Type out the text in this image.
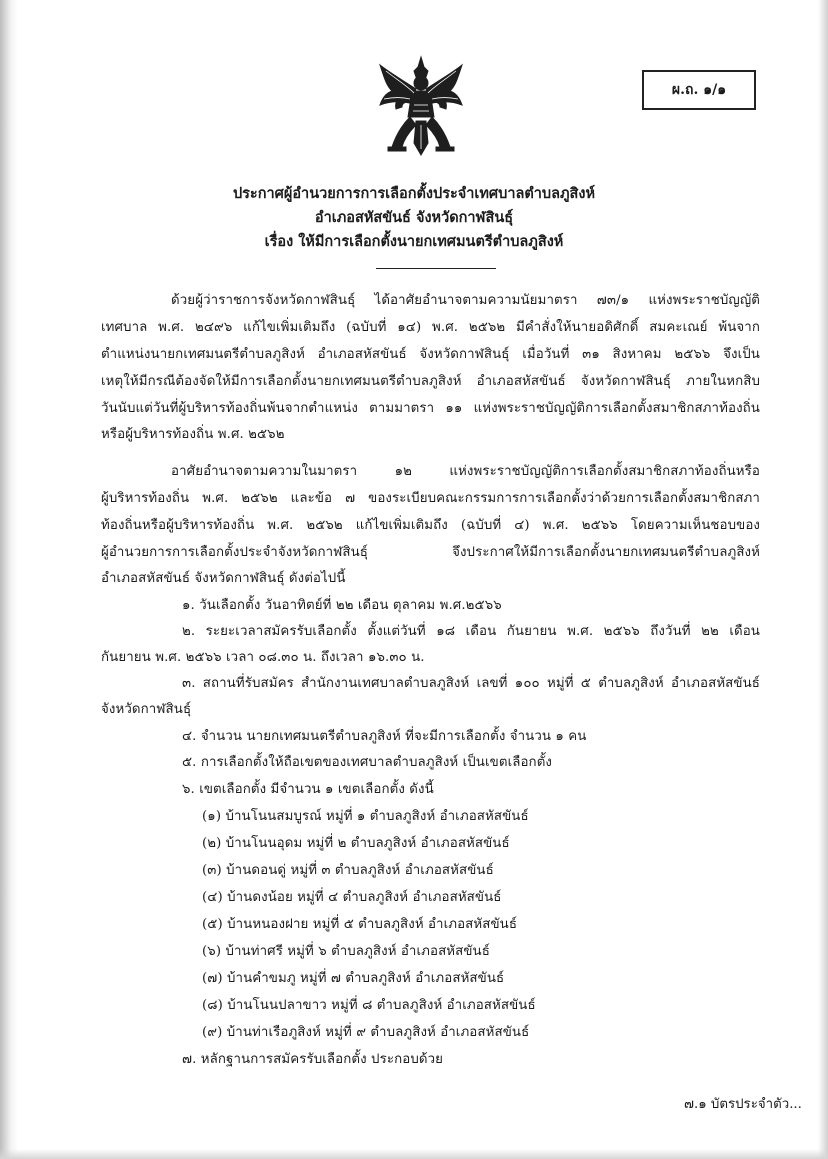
ผ.ถ. ๑/๑
ประกาศผู้อำนวยการการเลือกตั้งประจำเทศบาลตำบลภูสิงห์
อำเภอสหัสขันธ์ จังหวัดกาฬสินธุ์
เรื่อง ให้มีการเลือกตั้งนายกเทศมนตรีตำบลภูสิงห์
ด้วยผู้ว่าราชการจังหวัดกาฬสินธุ์ ได้อาศัยอำนาจตามความนัยมาตรา ๗๓/๑ แห่งพระราชบัญญัติ
เทศบาล พ.ศ. ๒๔๙๖ แก้ไขเพิ่มเติมถึง (ฉบับที่ ๑๔) พ.ศ. ๒๕๖๒ มีคำสั่งให้นายอดิศักดิ์ สมคะเณย์ พ้นจาก
ตำแหน่งนายกเทศมนตรีตำบลภูสิงห์ อำเภอสหัสขันธ์ จังหวัดกาฬสินธุ์ เมื่อวันที่ ๓๑ สิงหาคม ๒๕๖๖ จึงเป็น
เหตุให้มีกรณีต้องจัดให้มีการเลือกตั้งนายกเทศมนตรีตำบลภูสิงห์ อำเภอสหัสขันธ์ จังหวัดกาฬสินธุ์ ภายในหกสิบ
วันนับแต่วันที่ผู้บริหารท้องถิ่นพ้นจากตำแหน่ง ตามมาตรา ๑๑ แห่งพระราชบัญญัติการเลือกตั้งสมาชิกสภาท้องถิ่น
หรือผู้บริหารท้องถิ่น พ.ศ. ๒๕๖๒
อาศัยอำนาจตามความในมาตรา ๑๒ แห่งพระราชบัญญัติการเลือกตั้งสมาชิกสภาท้องถิ่นหรือ
ผู้บริหารท้องถิ่น พ.ศ. ๒๕๖๒ และข้อ ๗ ของระเบียบคณะกรรมการการเลือกตั้งว่าด้วยการเลือกตั้งสมาชิกสภา
ท้องถิ่นหรือผู้บริหารท้องถิ่น พ.ศ. ๒๕๖๒ แก้ไขเพิ่มเติมถึง (ฉบับที่ ๔) พ.ศ. ๒๕๖๖ โดยความเห็นชอบของ
ผู้อำนวยการการเลือกตั้งประจำจังหวัดกาฬสินธุ์ จึงประกาศให้มีการเลือกตั้งนายกเทศมนตรีตำบลภูสิงห์
อำเภอสหัสขันธ์ จังหวัดกาฬสินธุ์ ดังต่อไปนี้
๑. วันเลือกตั้ง วันอาทิตย์ที่ ๒๒ เดือน ตุลาคม พ.ศ.๒๕๖๖
๒. ระยะเวลาสมัครรับเลือกตั้ง ตั้งแต่วันที่ ๑๘ เดือน กันยายน พ.ศ. ๒๕๖๖ ถึงวันที่ ๒๒ เดือน
กันยายน พ.ศ. ๒๕๖๖ เวลา ๐๘.๓๐ น. ถึงเวลา ๑๖.๓๐ น.
๓. สถานที่รับสมัคร สำนักงานเทศบาลตำบลภูสิงห์ เลขที่ ๑๐๐ หมู่ที่ ๕ ตำบลภูสิงห์ อำเภอสหัสขันธ์
จังหวัดกาฬสินธุ์
๔. จำนวน นายกเทศมนตรีตำบลภูสิงห์ ที่จะมีการเลือกตั้ง จำนวน ๑ คน
๕. การเลือกตั้งให้ถือเขตของเทศบาลตำบลภูสิงห์ เป็นเขตเลือกตั้ง
๖. เขตเลือกตั้ง มีจำนวน ๑ เขตเลือกตั้ง ดังนี้
(๑) บ้านโนนสมบูรณ์ หมู่ที่ ๑ ตำบลภูสิงห์ อำเภอสหัสขันธ์
(๒) บ้านโนนอุดม หมู่ที่ ๒ ตำบลภูสิงห์ อำเภอสหัสขันธ์
(๓) บ้านดอนดู่ หมู่ที่ ๓ ตำบลภูสิงห์ อำเภอสหัสขันธ์
(๔) บ้านดงน้อย หมู่ที่ ๔ ตำบลภูสิงห์ อำเภอสหัสขันธ์
(๕) บ้านหนองฝาย หมู่ที่ ๕ ตำบลภูสิงห์ อำเภอสหัสขันธ์
(๖) บ้านท่าศรี หมู่ที่ ๖ ตำบลภูสิงห์ อำเภอสหัสขันธ์
(๗) บ้านคำขมภู หมู่ที่ ๗ ตำบลภูสิงห์ อำเภอสหัสขันธ์
(๘) บ้านโนนปลาขาว หมู่ที่ ๘ ตำบลภูสิงห์ อำเภอสหัสขันธ์
(๙) บ้านท่าเรือภูสิงห์ หมู่ที่ ๙ ตำบลภูสิงห์ อำเภอสหัสขันธ์
๗. หลักฐานการสมัครรับเลือกตั้ง ประกอบด้วย
๗.๑ บัตรประจำตัว...
